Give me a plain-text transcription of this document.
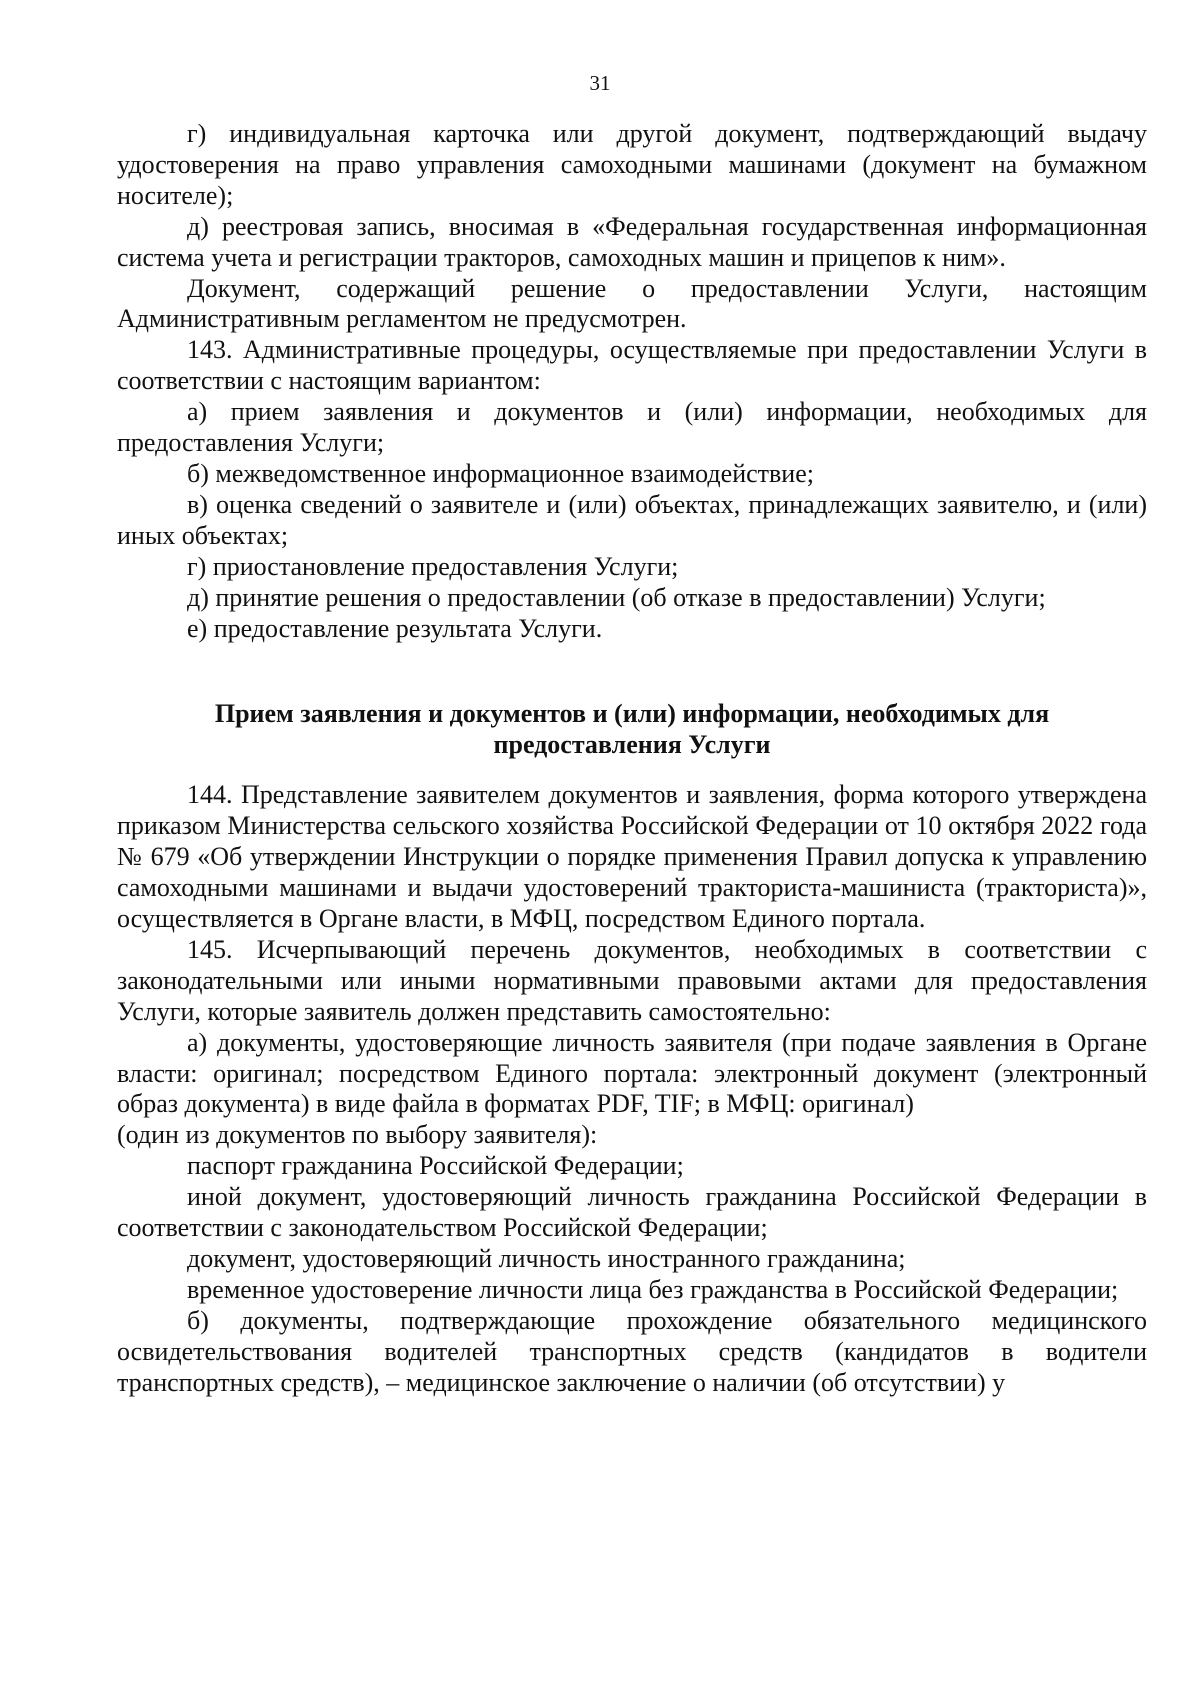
31

г) индивидуальная карточка или другой документ, подтверждающий выдачу удостоверения на право управления самоходными машинами (документ на бумажном носителе);

д) реестровая запись, вносимая в «Федеральная государственная информационная система учета и регистрации тракторов, самоходных машин и прицепов к ним».

Документ, содержащий решение о предоставлении Услуги, настоящим Административным регламентом не предусмотрен.

143. Административные процедуры, осуществляемые при предоставлении Услуги в соответствии с настоящим вариантом:

а) прием заявления и документов и (или) информации, необходимых для предоставления Услуги;

б) межведомственное информационное взаимодействие;

в) оценка сведений о заявителе и (или) объектах, принадлежащих заявителю, и (или) иных объектах;

г) приостановление предоставления Услуги;

д) принятие решения о предоставлении (об отказе в предоставлении) Услуги;

е) предоставление результата Услуги.

Прием заявления и документов и (или) информации, необходимых для предоставления Услуги

144. Представление заявителем документов и заявления, форма которого утверждена приказом Министерства сельского хозяйства Российской Федерации от 10 октября 2022 года № 679 «Об утверждении Инструкции о порядке применения Правил допуска к управлению самоходными машинами и выдачи удостоверений тракториста-машиниста (тракториста)», осуществляется в Органе власти, в МФЦ, посредством Единого портала.

145. Исчерпывающий перечень документов, необходимых в соответствии с законодательными или иными нормативными правовыми актами для предоставления Услуги, которые заявитель должен представить самостоятельно:

а) документы, удостоверяющие личность заявителя (при подаче заявления в Органе власти: оригинал; посредством Единого портала: электронный документ (электронный образ документа) в виде файла в форматах PDF, TIF; в МФЦ: оригинал)

(один из документов по выбору заявителя):

паспорт гражданина Российской Федерации;

иной документ, удостоверяющий личность гражданина Российской Федерации в соответствии с законодательством Российской Федерации;

документ, удостоверяющий личность иностранного гражданина;

временное удостоверение личности лица без гражданства в Российской Федерации;

б) документы, подтверждающие прохождение обязательного медицинского освидетельствования водителей транспортных средств (кандидатов в водители транспортных средств), – медицинское заключение о наличии (об отсутствии) у
